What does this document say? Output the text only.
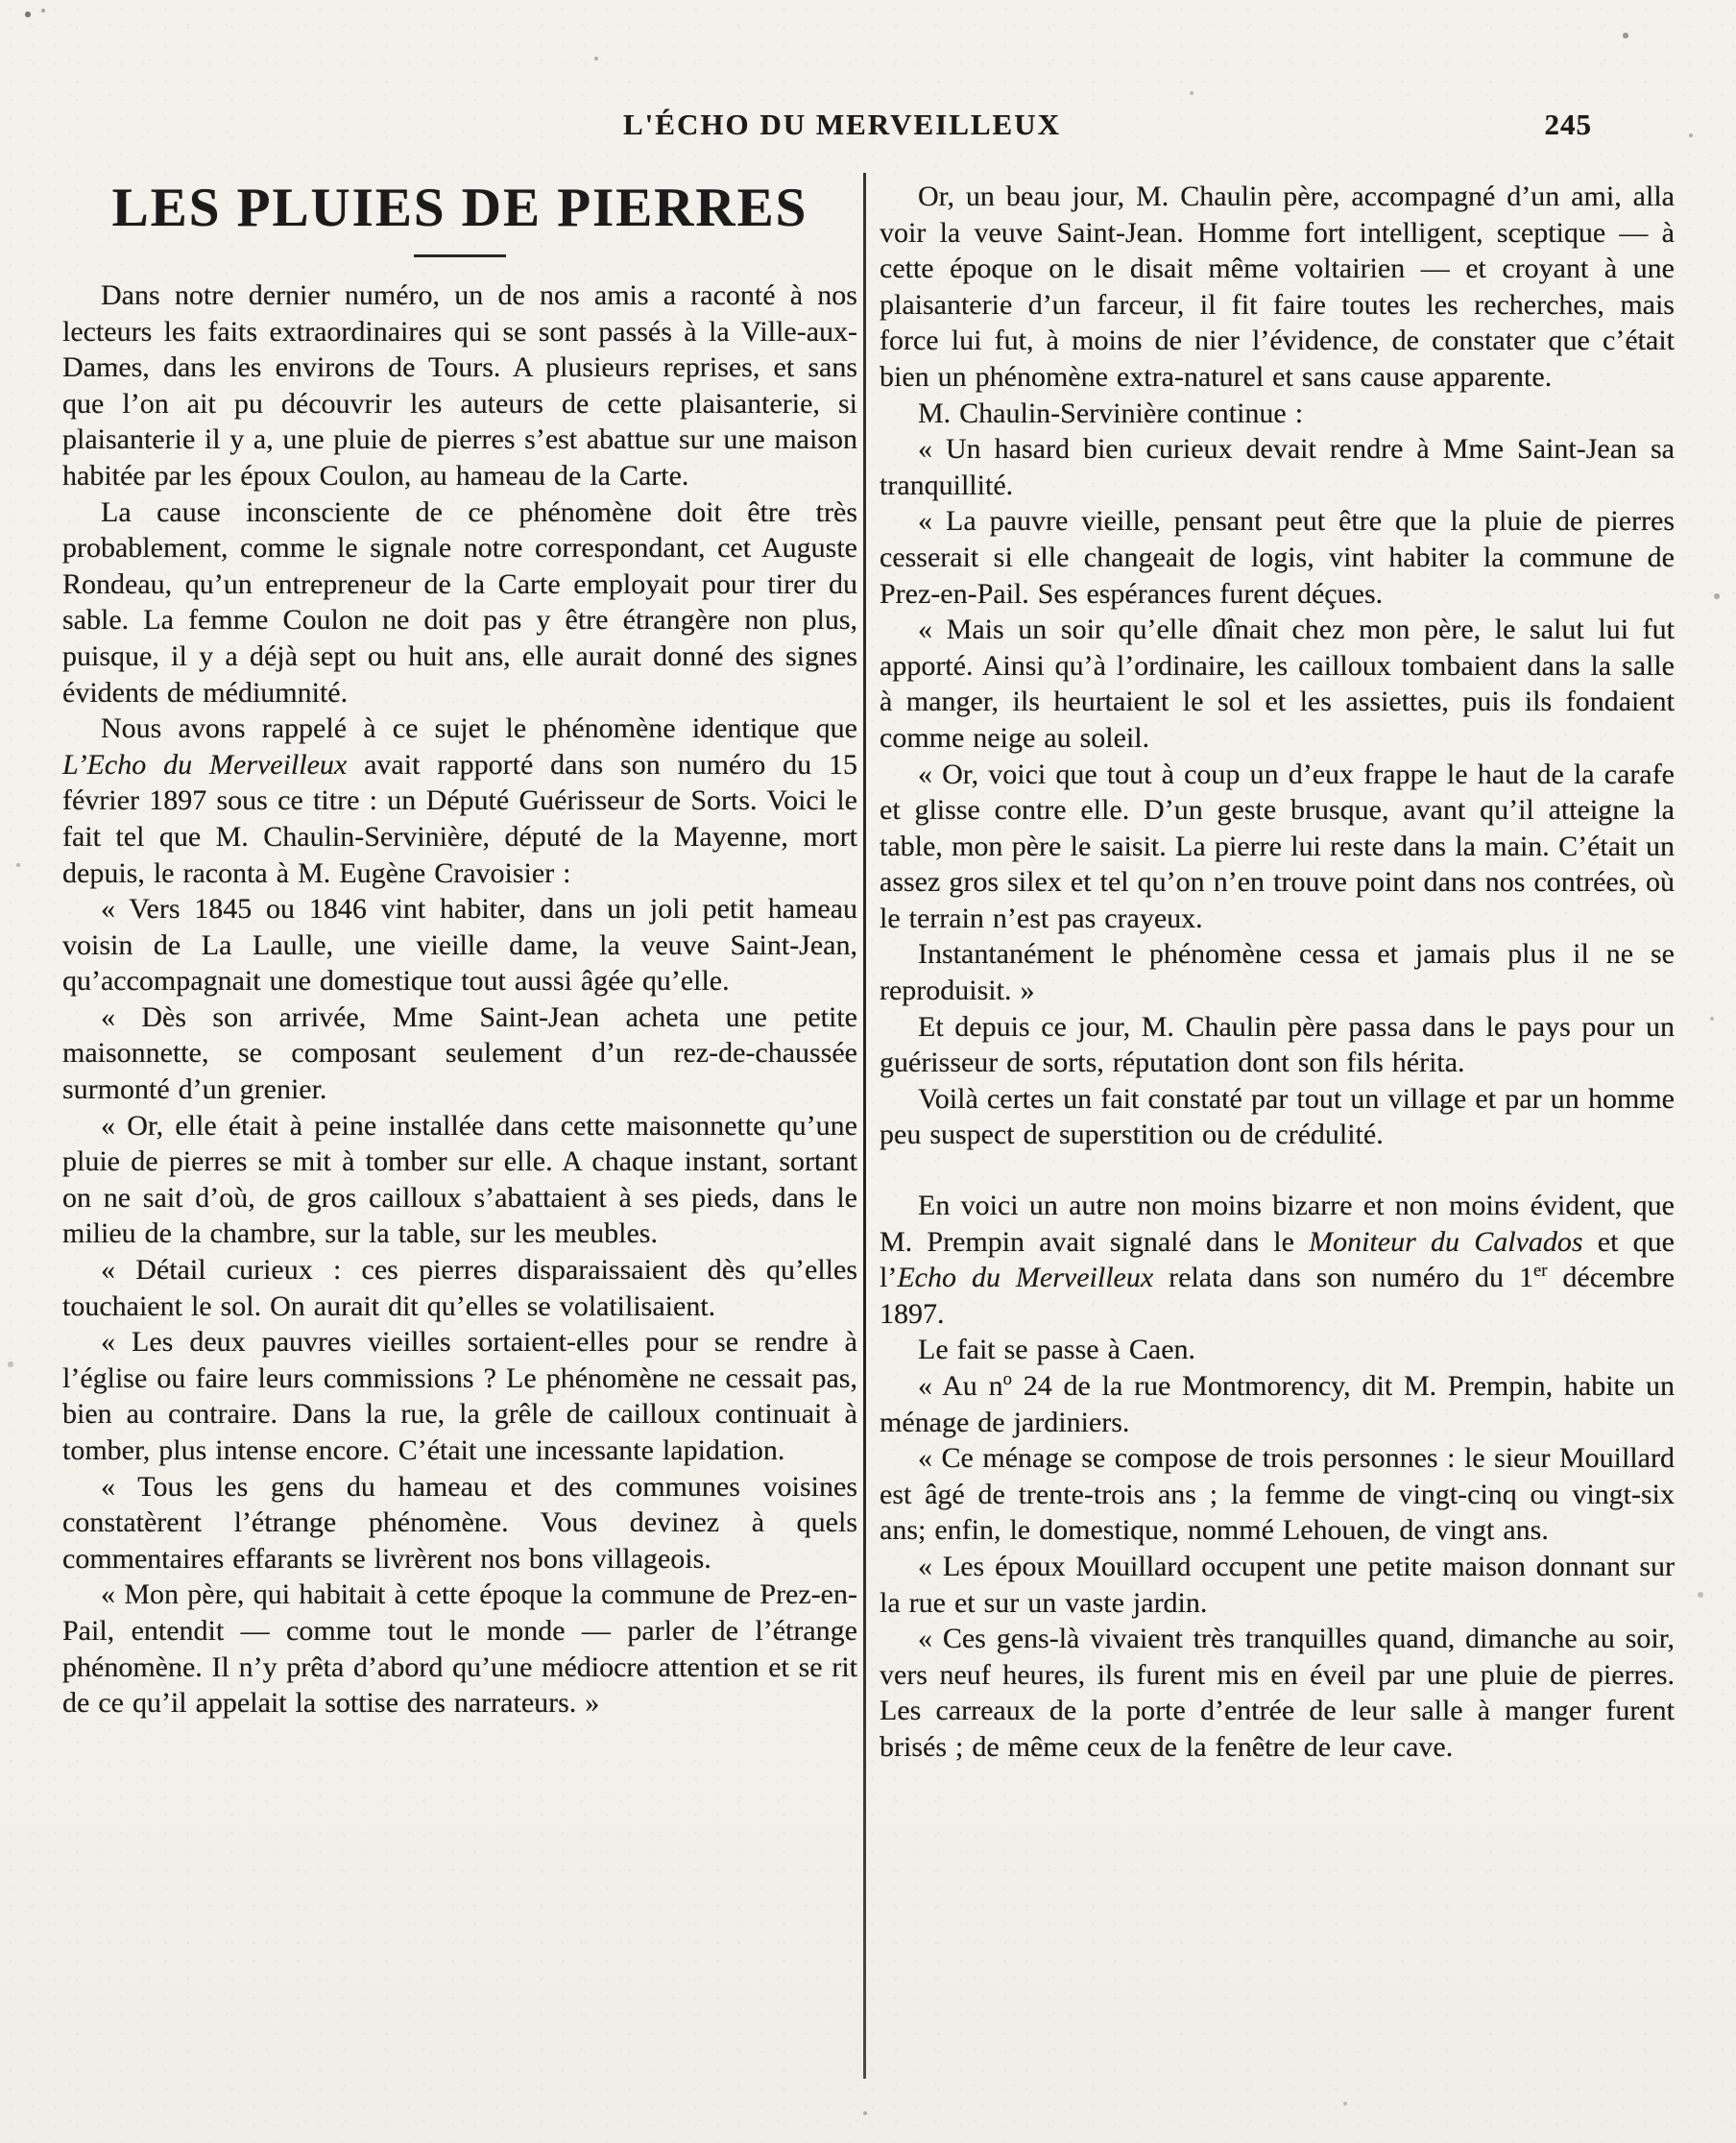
L'ÉCHO DU MERVEILLEUX	245
LES PLUIES DE PIERRES

Dans notre dernier numéro, un de nos amis a raconté à nos lecteurs les faits extraordinaires qui se sont passés à la Ville-aux-Dames, dans les environs de Tours. A plusieurs reprises, et sans que l’on ait pu découvrir les auteurs de cette plaisanterie, si plaisanterie il y a, une pluie de pierres s’est abattue sur une maison habitée par les époux Coulon, au hameau de la Carte.

La cause inconsciente de ce phénomène doit être très probablement, comme le signale notre correspondant, cet Auguste Rondeau, qu’un entrepreneur de la Carte employait pour tirer du sable. La femme Coulon ne doit pas y être étrangère non plus, puisque, il y a déjà sept ou huit ans, elle aurait donné des signes évidents de médiumnité.

Nous avons rappelé à ce sujet le phénomène identique que L’Echo du Merveilleux avait rapporté dans son numéro du 15 février 1897 sous ce titre : un Député Guérisseur de Sorts. Voici le fait tel que M. Chaulin-Servinière, député de la Mayenne, mort depuis, le raconta à M. Eugène Cravoisier :

« Vers 1845 ou 1846 vint habiter, dans un joli petit hameau voisin de La Laulle, une vieille dame, la veuve Saint-Jean, qu’accompagnait une domestique tout aussi âgée qu’elle.

« Dès son arrivée, Mme Saint-Jean acheta une petite maisonnette, se composant seulement d’un rez-de-chaussée surmonté d’un grenier.

« Or, elle était à peine installée dans cette maisonnette qu’une pluie de pierres se mit à tomber sur elle. A chaque instant, sortant on ne sait d’où, de gros cailloux s’abattaient à ses pieds, dans le milieu de la chambre, sur la table, sur les meubles.

« Détail curieux : ces pierres disparaissaient dès qu’elles touchaient le sol. On aurait dit qu’elles se volatilisaient.

« Les deux pauvres vieilles sortaient-elles pour se rendre à l’église ou faire leurs commissions ? Le phénomène ne cessait pas, bien au contraire. Dans la rue, la grêle de cailloux continuait à tomber, plus intense encore. C’était une incessante lapidation.

« Tous les gens du hameau et des communes voisines constatèrent l’étrange phénomène. Vous devinez à quels commentaires effarants se livrèrent nos bons villageois.

« Mon père, qui habitait à cette époque la commune de Prez-en-Pail, entendit — comme tout le monde — parler de l’étrange phénomène. Il n’y prêta d’abord qu’une médiocre attention et se rit de ce qu’il appelait la sottise des narrateurs. »

Or, un beau jour, M. Chaulin père, accompagné d’un ami, alla voir la veuve Saint-Jean. Homme fort intelligent, sceptique — à cette époque on le disait même voltairien — et croyant à une plaisanterie d’un farceur, il fit faire toutes les recherches, mais force lui fut, à moins de nier l’évidence, de constater que c’était bien un phénomène extra-naturel et sans cause apparente.

M. Chaulin-Servinière continue :

« Un hasard bien curieux devait rendre à Mme Saint-Jean sa tranquillité.

« La pauvre vieille, pensant peut être que la pluie de pierres cesserait si elle changeait de logis, vint habiter la commune de Prez-en-Pail. Ses espérances furent déçues.

« Mais un soir qu’elle dînait chez mon père, le salut lui fut apporté. Ainsi qu’à l’ordinaire, les cailloux tombaient dans la salle à manger, ils heurtaient le sol et les assiettes, puis ils fondaient comme neige au soleil.

« Or, voici que tout à coup un d’eux frappe le haut de la carafe et glisse contre elle. D’un geste brusque, avant qu’il atteigne la table, mon père le saisit. La pierre lui reste dans la main. C’était un assez gros silex et tel qu’on n’en trouve point dans nos contrées, où le terrain n’est pas crayeux.

Instantanément le phénomène cessa et jamais plus il ne se reproduisit. »

Et depuis ce jour, M. Chaulin père passa dans le pays pour un guérisseur de sorts, réputation dont son fils hérita.

Voilà certes un fait constaté par tout un village et par un homme peu suspect de superstition ou de crédulité.

En voici un autre non moins bizarre et non moins évident, que M. Prempin avait signalé dans le Moniteur du Calvados et que l’Echo du Merveilleux relata dans son numéro du 1er décembre 1897.

Le fait se passe à Caen.

« Au $n^o$ 24 de la rue Montmorency, dit M. Prempin, habite un ménage de jardiniers.

« Ce ménage se compose de trois personnes : le sieur Mouillard est âgé de trente-trois ans ; la femme de vingt-cinq ou vingt-six ans; enfin, le domestique, nommé Lehouen, de vingt ans.

« Les époux Mouillard occupent une petite maison donnant sur la rue et sur un vaste jardin.

« Ces gens-là vivaient très tranquilles quand, dimanche au soir, vers neuf heures, ils furent mis en éveil par une pluie de pierres. Les carreaux de la porte d’entrée de leur salle à manger furent brisés ; de même ceux de la fenêtre de leur cave.
